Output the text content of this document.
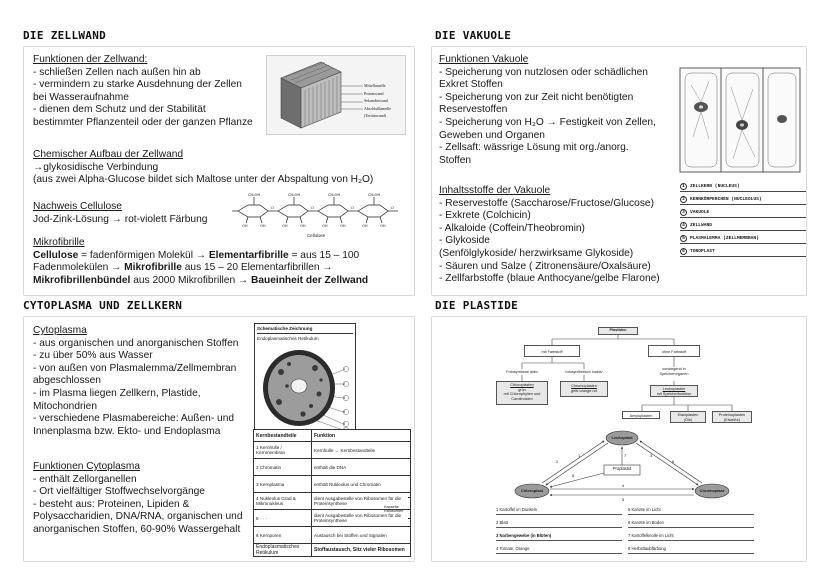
DIE ZELLWAND
Funktionen der Zellwand:
- schließen Zellen nach außen hin ab
- vermindern zu starke Ausdehnung der Zellen
bei Wasseraufnahme
- dienen dem Schutz und der Stabilität
bestimmter Pflanzenteil oder der ganzen Pflanze
Mittellamelle
Primärwand
Sekundärwand
Abschlußlamelle
(Tertiärwand)
Chemischer Aufbau der Zellwand
→glykosidische Verbindung
(aus zwei Alpha-Glucose bildet sich Maltose unter der Abspaltung von H₂O)
Nachweis Cellulose
Jod-Zink-Lösung → rot-violett Färbung
CH₂OH	CH₂OH	CH₂OH	CH₂OH
O	O	O	O
OH	OH	OH	OH	OH	OH	OH	OH
Cellulose
Mikrofibrille
Cellulose = fadenförmigen Molekül → Elementarfibrille = aus 15 – 100
Fadenmolekülen → Mikrofibrille aus 15 – 20 Elementarfibrillen →
Mikrofibrillenbündel aus 2000 Mikrofibrillen → Baueinheit der Zellwand
DIE VAKUOLE
Funktionen Vakuole
- Speicherung von nutzlosen oder schädlichen
Exkret Stoffen
- Speicherung von zur Zeit nicht benötigten
Reservestoffen
- Speicherung von H₂O → Festigkeit von Zellen,
Geweben und Organen
- Zellsaft: wässrige Lösung mit org./anorg.
Stoffen
Inhaltsstoffe der Vakuole
- Reservestoffe (Saccharose/Fructose/Glucose)
- Exkrete (Colchicin)
- Alkaloide (Coffein/Theobromin)
- Glykoside
(Senfölglykoside/ herzwirksame Glykoside)
- Säuren und Salze ( Zitronensäure/Oxalsäure)
- Zellfarbstoffe (blaue Anthocyane/gelbe Flarone)
1	ZELLKERN (NUCLEUS)
2	KERNKÖRPERCHEN (NUCLEOLUS)
3	VAKUOLE
4	ZELLWAND
5	PLASMALEMMA (ZELLMEMBRAN)
6	TONOPLAST
CYTOPLASMA UND ZELLKERN
Cytoplasma
- aus organischen und anorganischen Stoffen
- zu über 50% aus Wasser
- von außen von Plasmalemma/Zellmembran
abgeschlossen
- im Plasma liegen Zellkern, Plastide,
Mitochondrien
- verschiedene Plasmabereiche: Außen- und
Innenplasma bzw. Ekto- und Endoplasma
Funktionen Cytoplasma
- enthält Zellorganellen
- Ort vielfältiger Stoffwechselvorgänge
- besteht aus: Proteinen, Lipiden &
Polysaccharidien, DNA/RNA, organischen und
anorganischen Stoffen, 60-90% Wassergehalt
Schematische Zeichnung
Endoplasmatisches Retikulum
1
2
3
4
5
Kernbestandteile	Funktion
1 Kernhülle / Kernmembran	Kernhülle → Kernbestandteile
2 Chromatin	enthält die DNA
3 Kernplasma	enthält Nukleolus und Chromatin
4 Nukleolus Grad & Mikronukleus	dient Ausgabestelle von Ribosomen für die Proteinsynthese
5 · · ·	dient Ausgabestelle von Ribosomen für die Proteinsynthese
6 Kernporen	Austausch bei Stoffen und Signalen
Endoplasmatisches Retikulum	Stoffaustausch, Sitz vieler Ribosomen
Kapselte Ribosomen
DIE PLASTIDE
Plastiden
mit Farbstoff	ohne Farbstoff
Fotosynthese aktiv	fotosynthetisch inaktiv
vorwiegend in Speicherorganen
Chloroplasten
grün
mit Chlorophyllen und
Carotinoiden
Chromoplasten
gelb-orange-rot	Leukoplasten
mit Speicherfunktion
Amyloplasten	Elaioplasten
(Öle)
Proteinoplasten
(Eiweiße)
Leukoplast
Chloroplast	Chromoplast
Proplastid
1
2
3
4
5
6
7
8
1 Kartoffel im Dunkeln
2 Blatt
3 Narbengewebe (in Blüten)
4 Tomate, Orange
5 Karotte im Licht
6 Karotte im Boden
7 Kartoffelknolle im Licht
8 Herbstlaubfärbung
